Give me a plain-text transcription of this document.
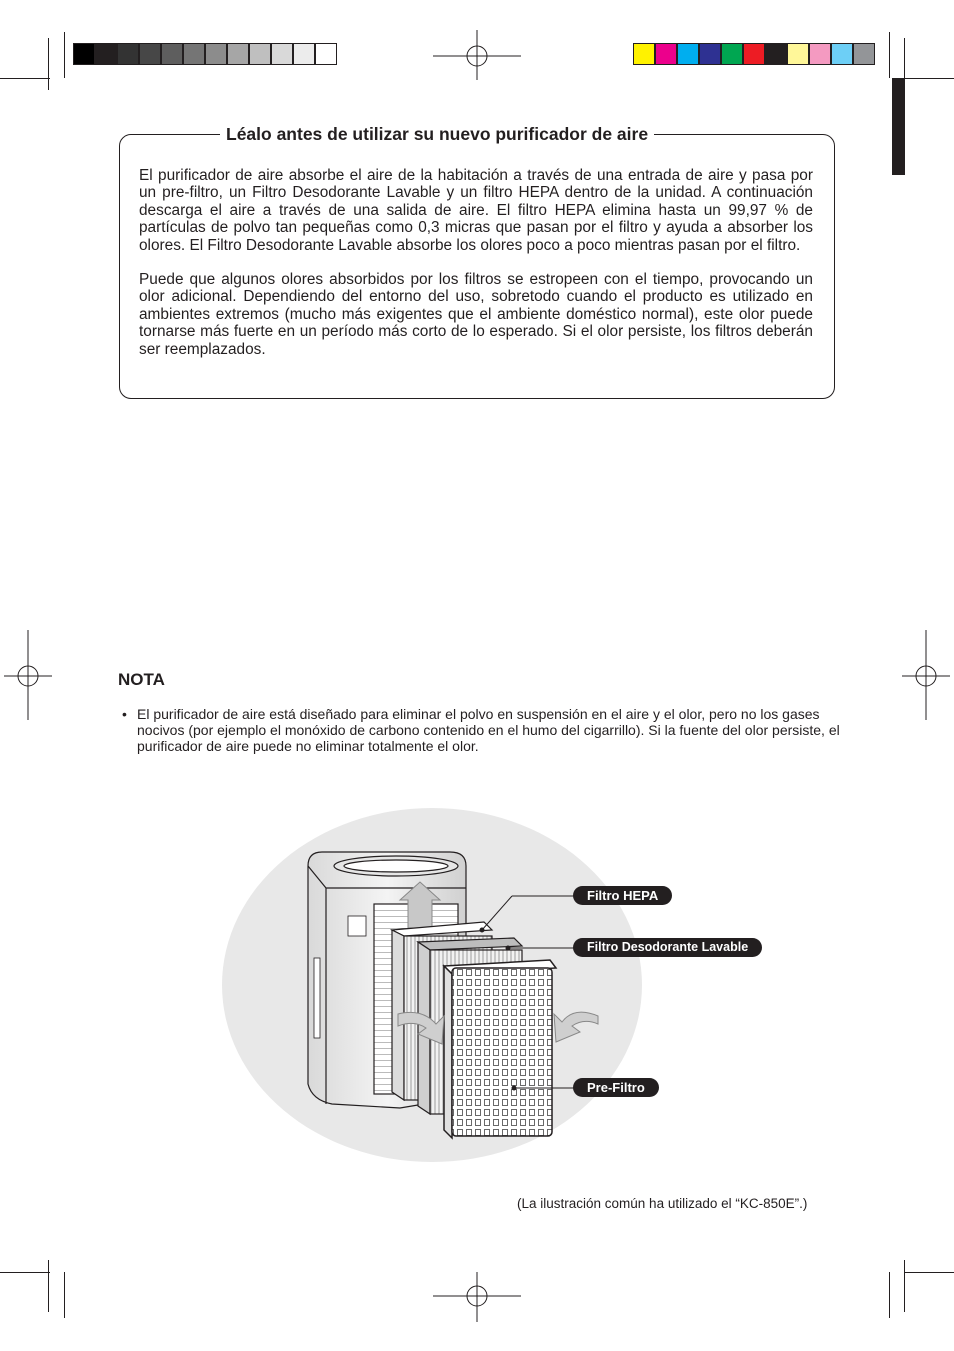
Léalo antes de utilizar su nuevo purificador de aire

El purificador de aire absorbe el aire de la habitación a través de una entrada de aire y pasa por un pre-filtro, un Filtro Desodorante Lavable y un filtro HEPA dentro de la unidad. A continuación descarga el aire a través de una salida de aire. El filtro HEPA elimina hasta un 99,97 % de partículas de polvo tan pequeñas como 0,3 micras que pasan por el filtro y ayuda a absorber los olores. El Filtro Desodorante Lavable absorbe los olores poco a poco mientras pasan por el filtro.

Puede que algunos olores absorbidos por los filtros se estropeen con el tiempo, provocando un olor adicional. Dependiendo del entorno del uso, sobretodo cuando el producto es utilizado en ambientes extremos (mucho más exigentes que el ambiente doméstico normal), este olor puede tornarse más fuerte en un período más corto de lo esperado. Si el olor persiste, los filtros deberán ser reemplazados.

NOTA
• El purificador de aire está diseñado para eliminar el polvo en suspensión en el aire y el olor, pero no los gases nocivos (por ejemplo el monóxido de carbono contenido en el humo del cigarrillo). Si la fuente del olor persiste, el purificador de aire puede no eliminar totalmente el olor.
Filtro HEPA
Filtro Desodorante Lavable
Pre-Filtro
(La ilustración común ha utilizado el “KC-850E”.)
